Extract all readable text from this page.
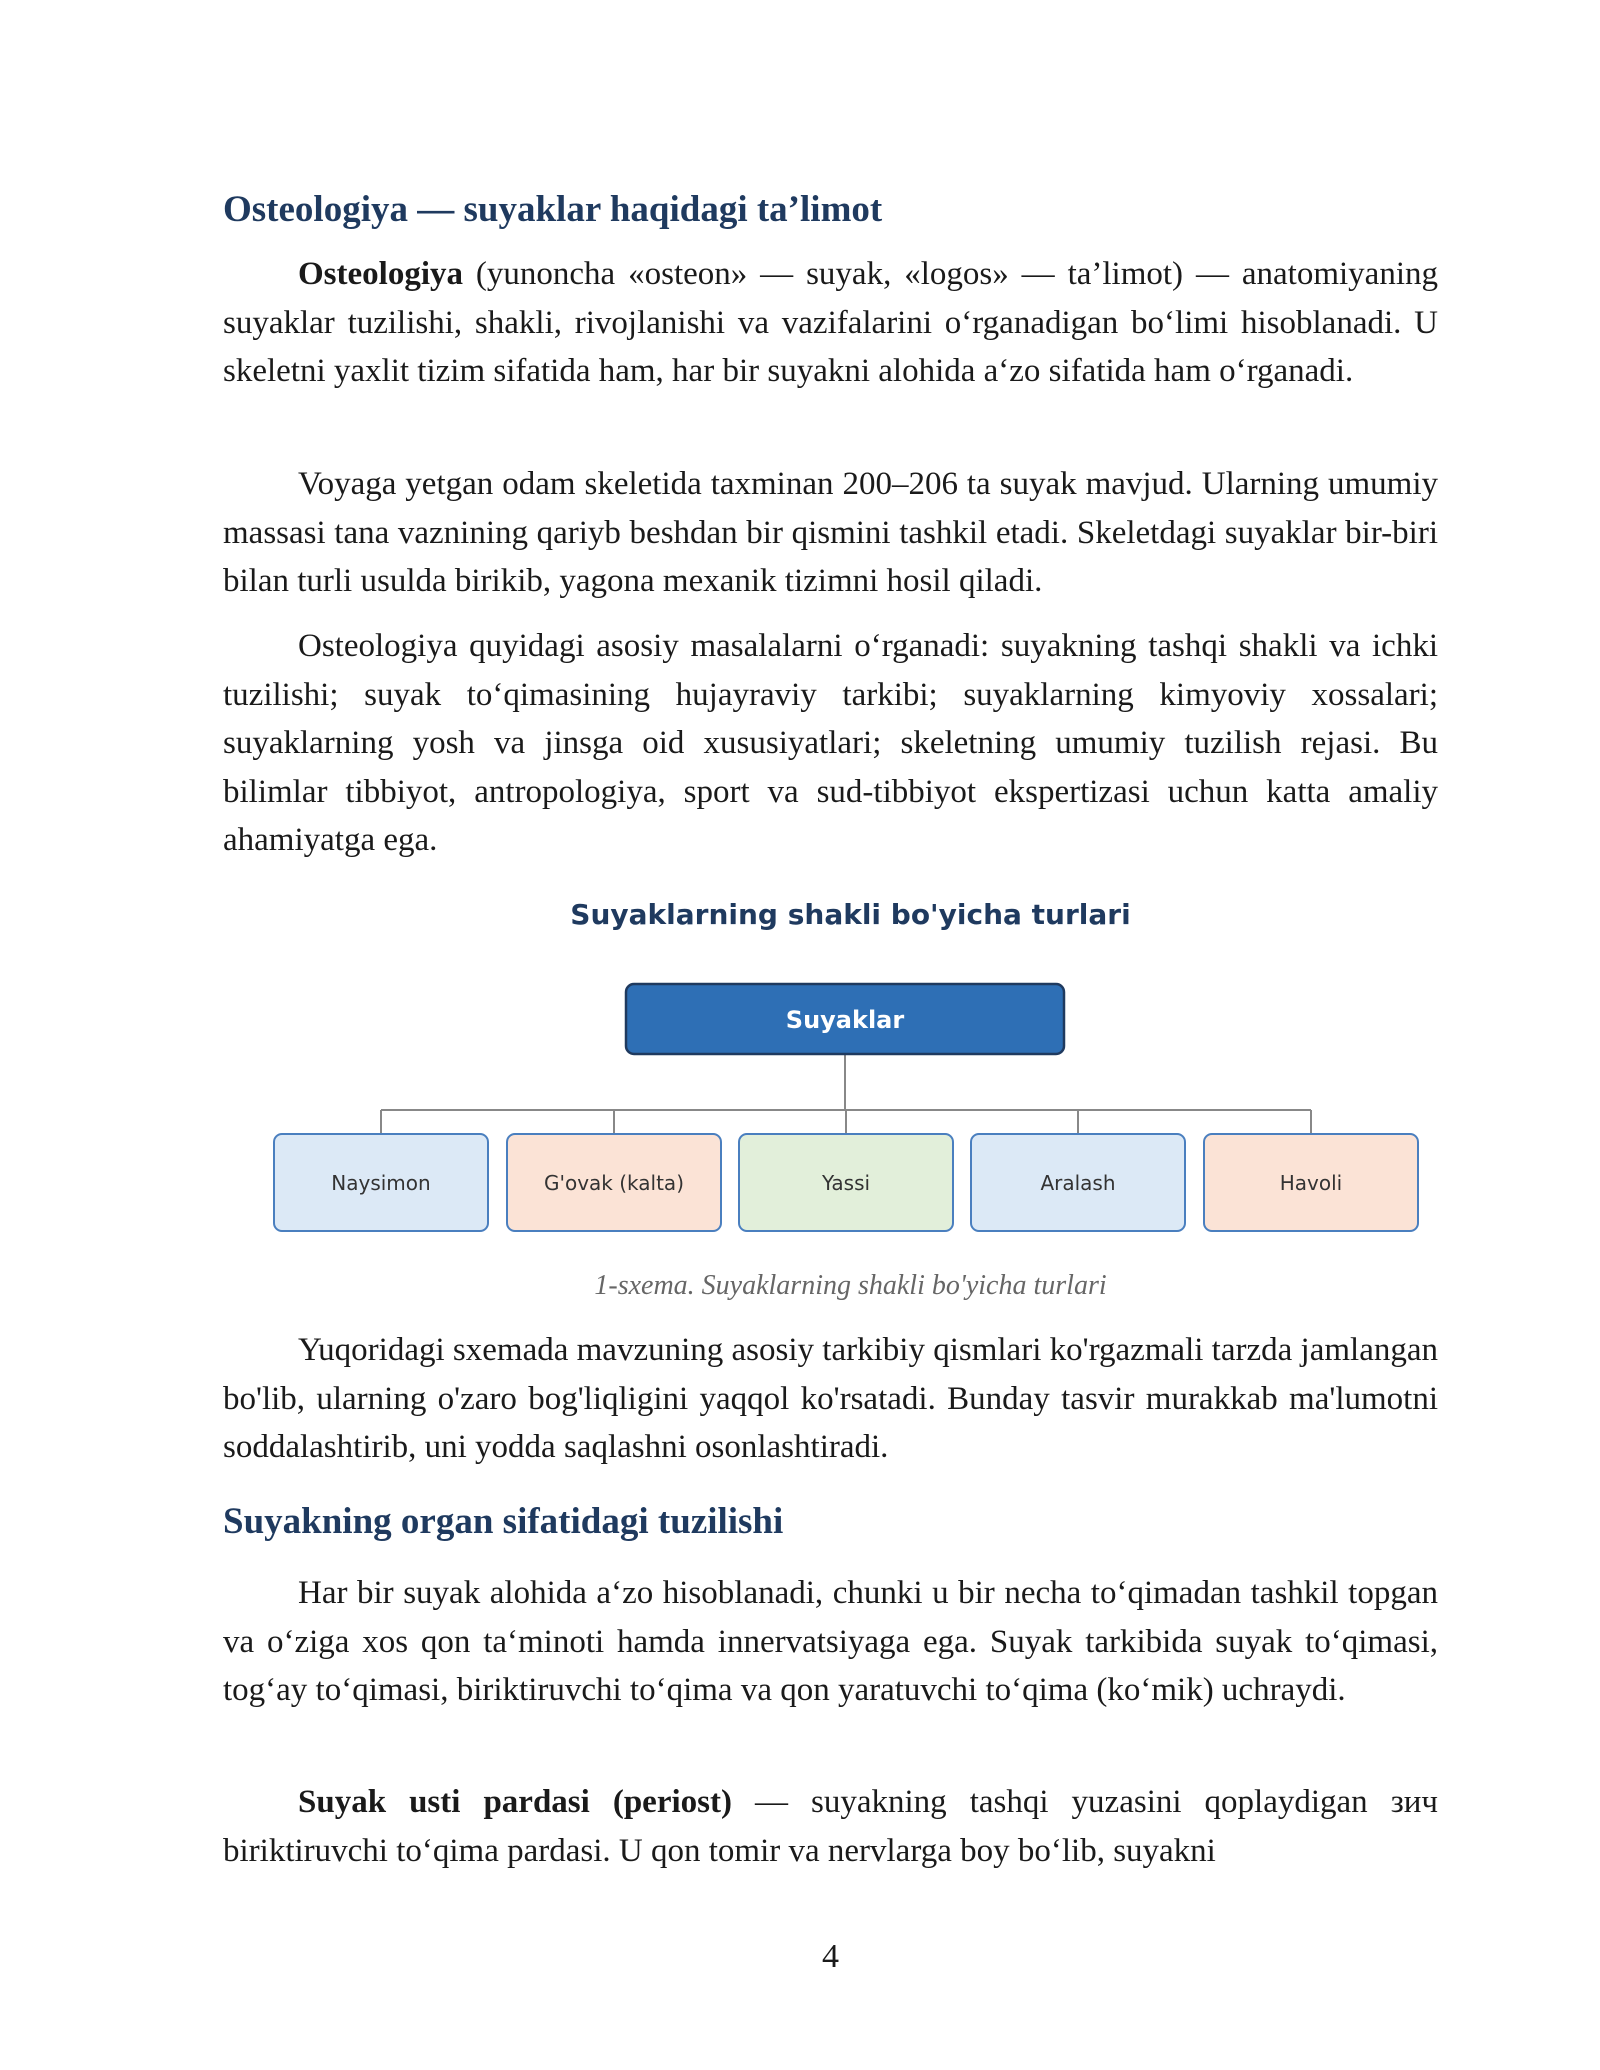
Osteologiya — suyaklar haqidagi ta’limot

Osteologiya (yunoncha «osteon» — suyak, «logos» — ta’limot) — anatomiyaning suyaklar tuzilishi, shakli, rivojlanishi va vazifalarini o‘rganadigan bo‘limi hisoblanadi. U skeletni yaxlit tizim sifatida ham, har bir suyakni alohida a‘zo sifatida ham o‘rganadi.

Voyaga yetgan odam skeletida taxminan 200–206 ta suyak mavjud. Ularning umumiy massasi tana vaznining qariyb beshdan bir qismini tashkil etadi. Skeletdagi suyaklar bir-biri bilan turli usulda birikib, yagona mexanik tizimni hosil qiladi.

Osteologiya quyidagi asosiy masalalarni o‘rganadi: suyakning tashqi shakli va ichki tuzilishi; suyak to‘qimasining hujayraviy tarkibi; suyaklarning kimyoviy xossalari; suyaklarning yosh va jinsga oid xususiyatlari; skeletning umumiy tuzilish rejasi. Bu bilimlar tibbiyot, antropologiya, sport va sud-tibbiyot ekspertizasi uchun katta amaliy ahamiyatga ega.

Suyaklarning shakli bo'yicha turlari
Suyaklar
Naysimon	G'ovak (kalta)	Yassi	Aralash	Havoli
1-sxema. Suyaklarning shakli bo'yicha turlari

Yuqoridagi sxemada mavzuning asosiy tarkibiy qismlari ko'rgazmali tarzda jamlangan bo'lib, ularning o'zaro bog'liqligini yaqqol ko'rsatadi. Bunday tasvir murakkab ma'lumotni soddalashtirib, uni yodda saqlashni osonlashtiradi.

Suyakning organ sifatidagi tuzilishi

Har bir suyak alohida a‘zo hisoblanadi, chunki u bir necha to‘qimadan tashkil topgan va o‘ziga xos qon ta‘minoti hamda innervatsiyaga ega. Suyak tarkibida suyak to‘qimasi, tog‘ay to‘qimasi, biriktiruvchi to‘qima va qon yaratuvchi to‘qima (ko‘mik) uchraydi.

Suyak usti pardasi (periost) — suyakning tashqi yuzasini qoplaydigan зич biriktiruvchi to‘qima pardasi. U qon tomir va nervlarga boy bo‘lib, suyakni

4
